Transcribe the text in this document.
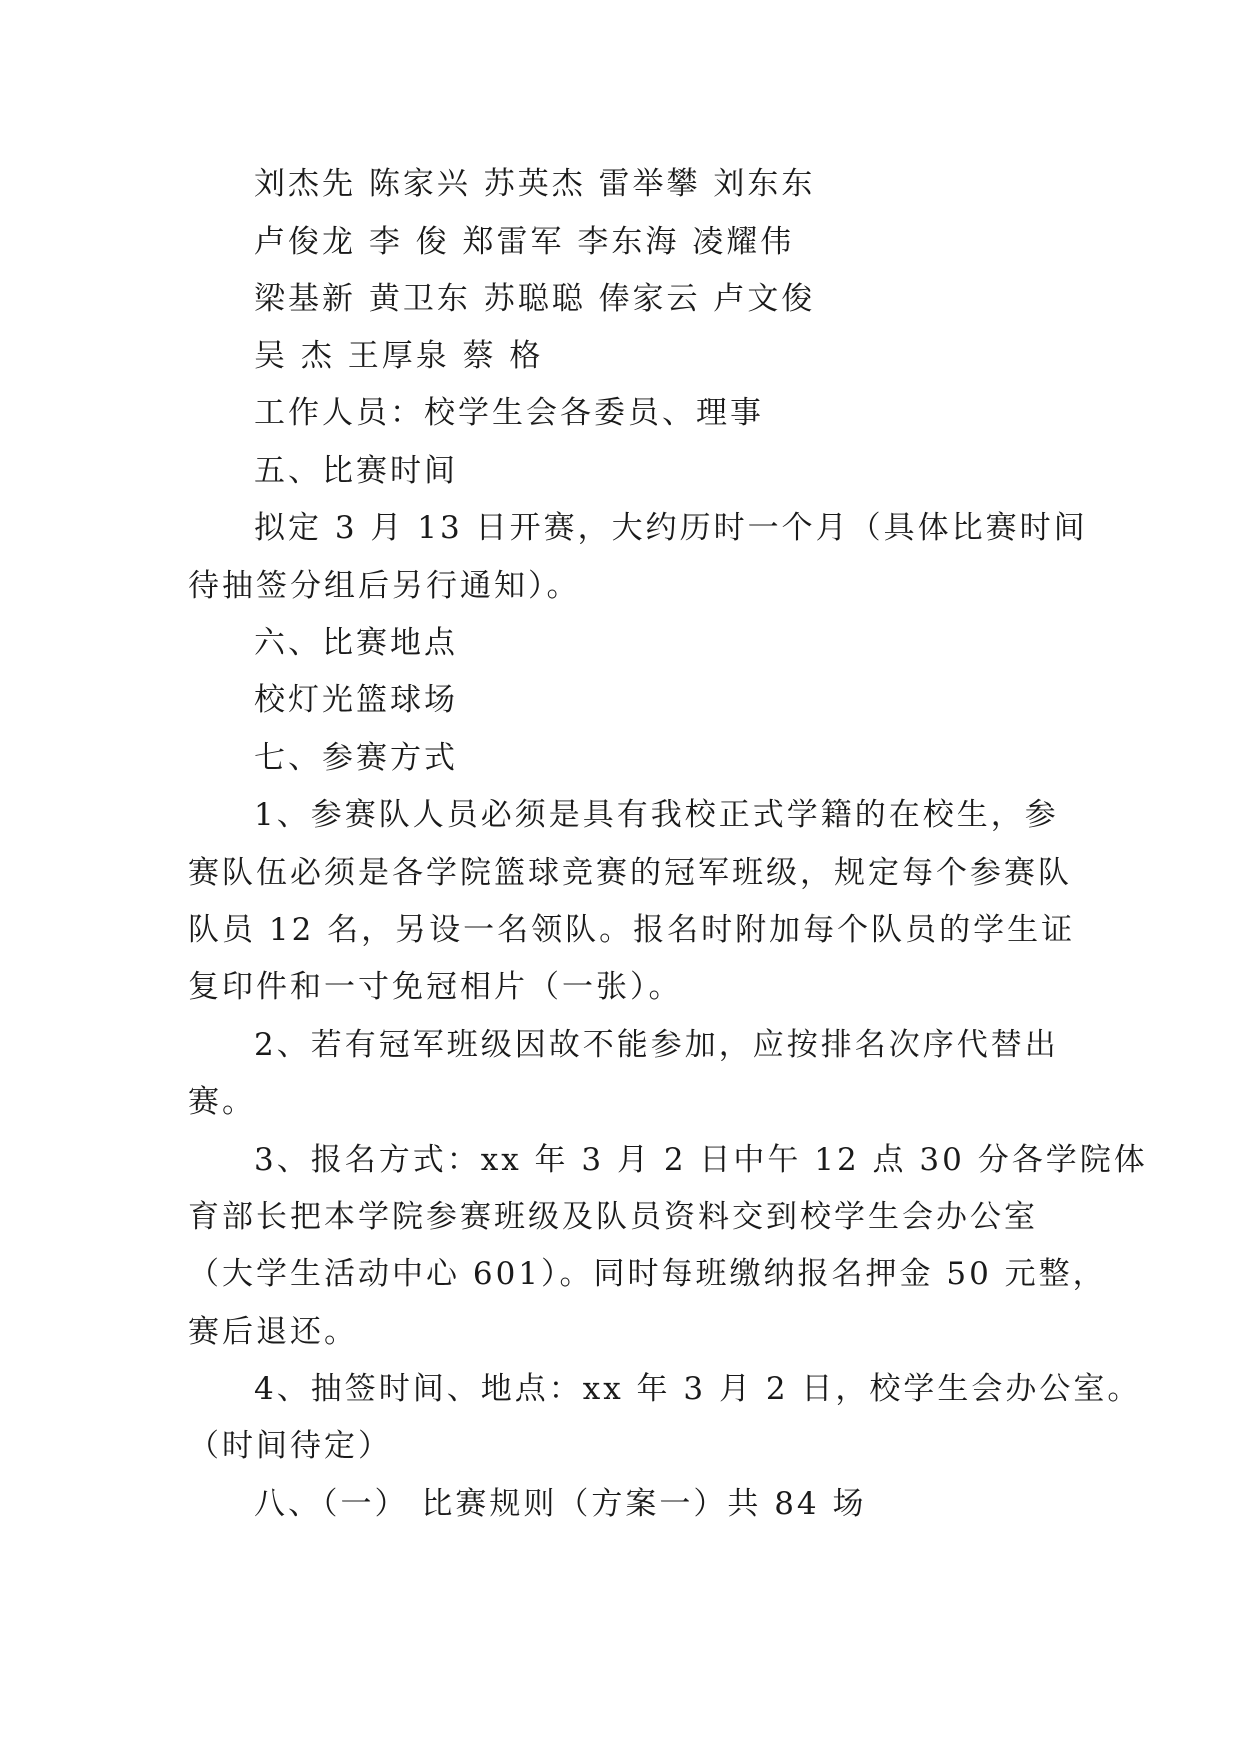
刘杰先 陈家兴 苏英杰 雷举攀 刘东东
卢俊龙 李 俊 郑雷军 李东海 凌耀伟
梁基新 黄卫东 苏聪聪 俸家云 卢文俊
吴 杰 王厚泉 蔡 格
工作人员：校学生会各委员、理事
五、比赛时间
拟定 3 月 13 日开赛，大约历时一个月（具体比赛时间
待抽签分组后另行通知）。
六、比赛地点
校灯光篮球场
七、参赛方式
1、参赛队人员必须是具有我校正式学籍的在校生，参
赛队伍必须是各学院篮球竞赛的冠军班级，规定每个参赛队
队员 12 名，另设一名领队。报名时附加每个队员的学生证
复印件和一寸免冠相片（一张）。
2、若有冠军班级因故不能参加，应按排名次序代替出
赛。
3、报名方式：xx 年 3 月 2 日中午 12 点 30 分各学院体
育部长把本学院参赛班级及队员资料交到校学生会办公室
（大学生活动中心 601）。同时每班缴纳报名押金 50 元整，
赛后退还。
4、抽签时间、地点：xx 年 3 月 2 日，校学生会办公室。
（时间待定）
八、（一） 比赛规则（方案一）共 84 场
